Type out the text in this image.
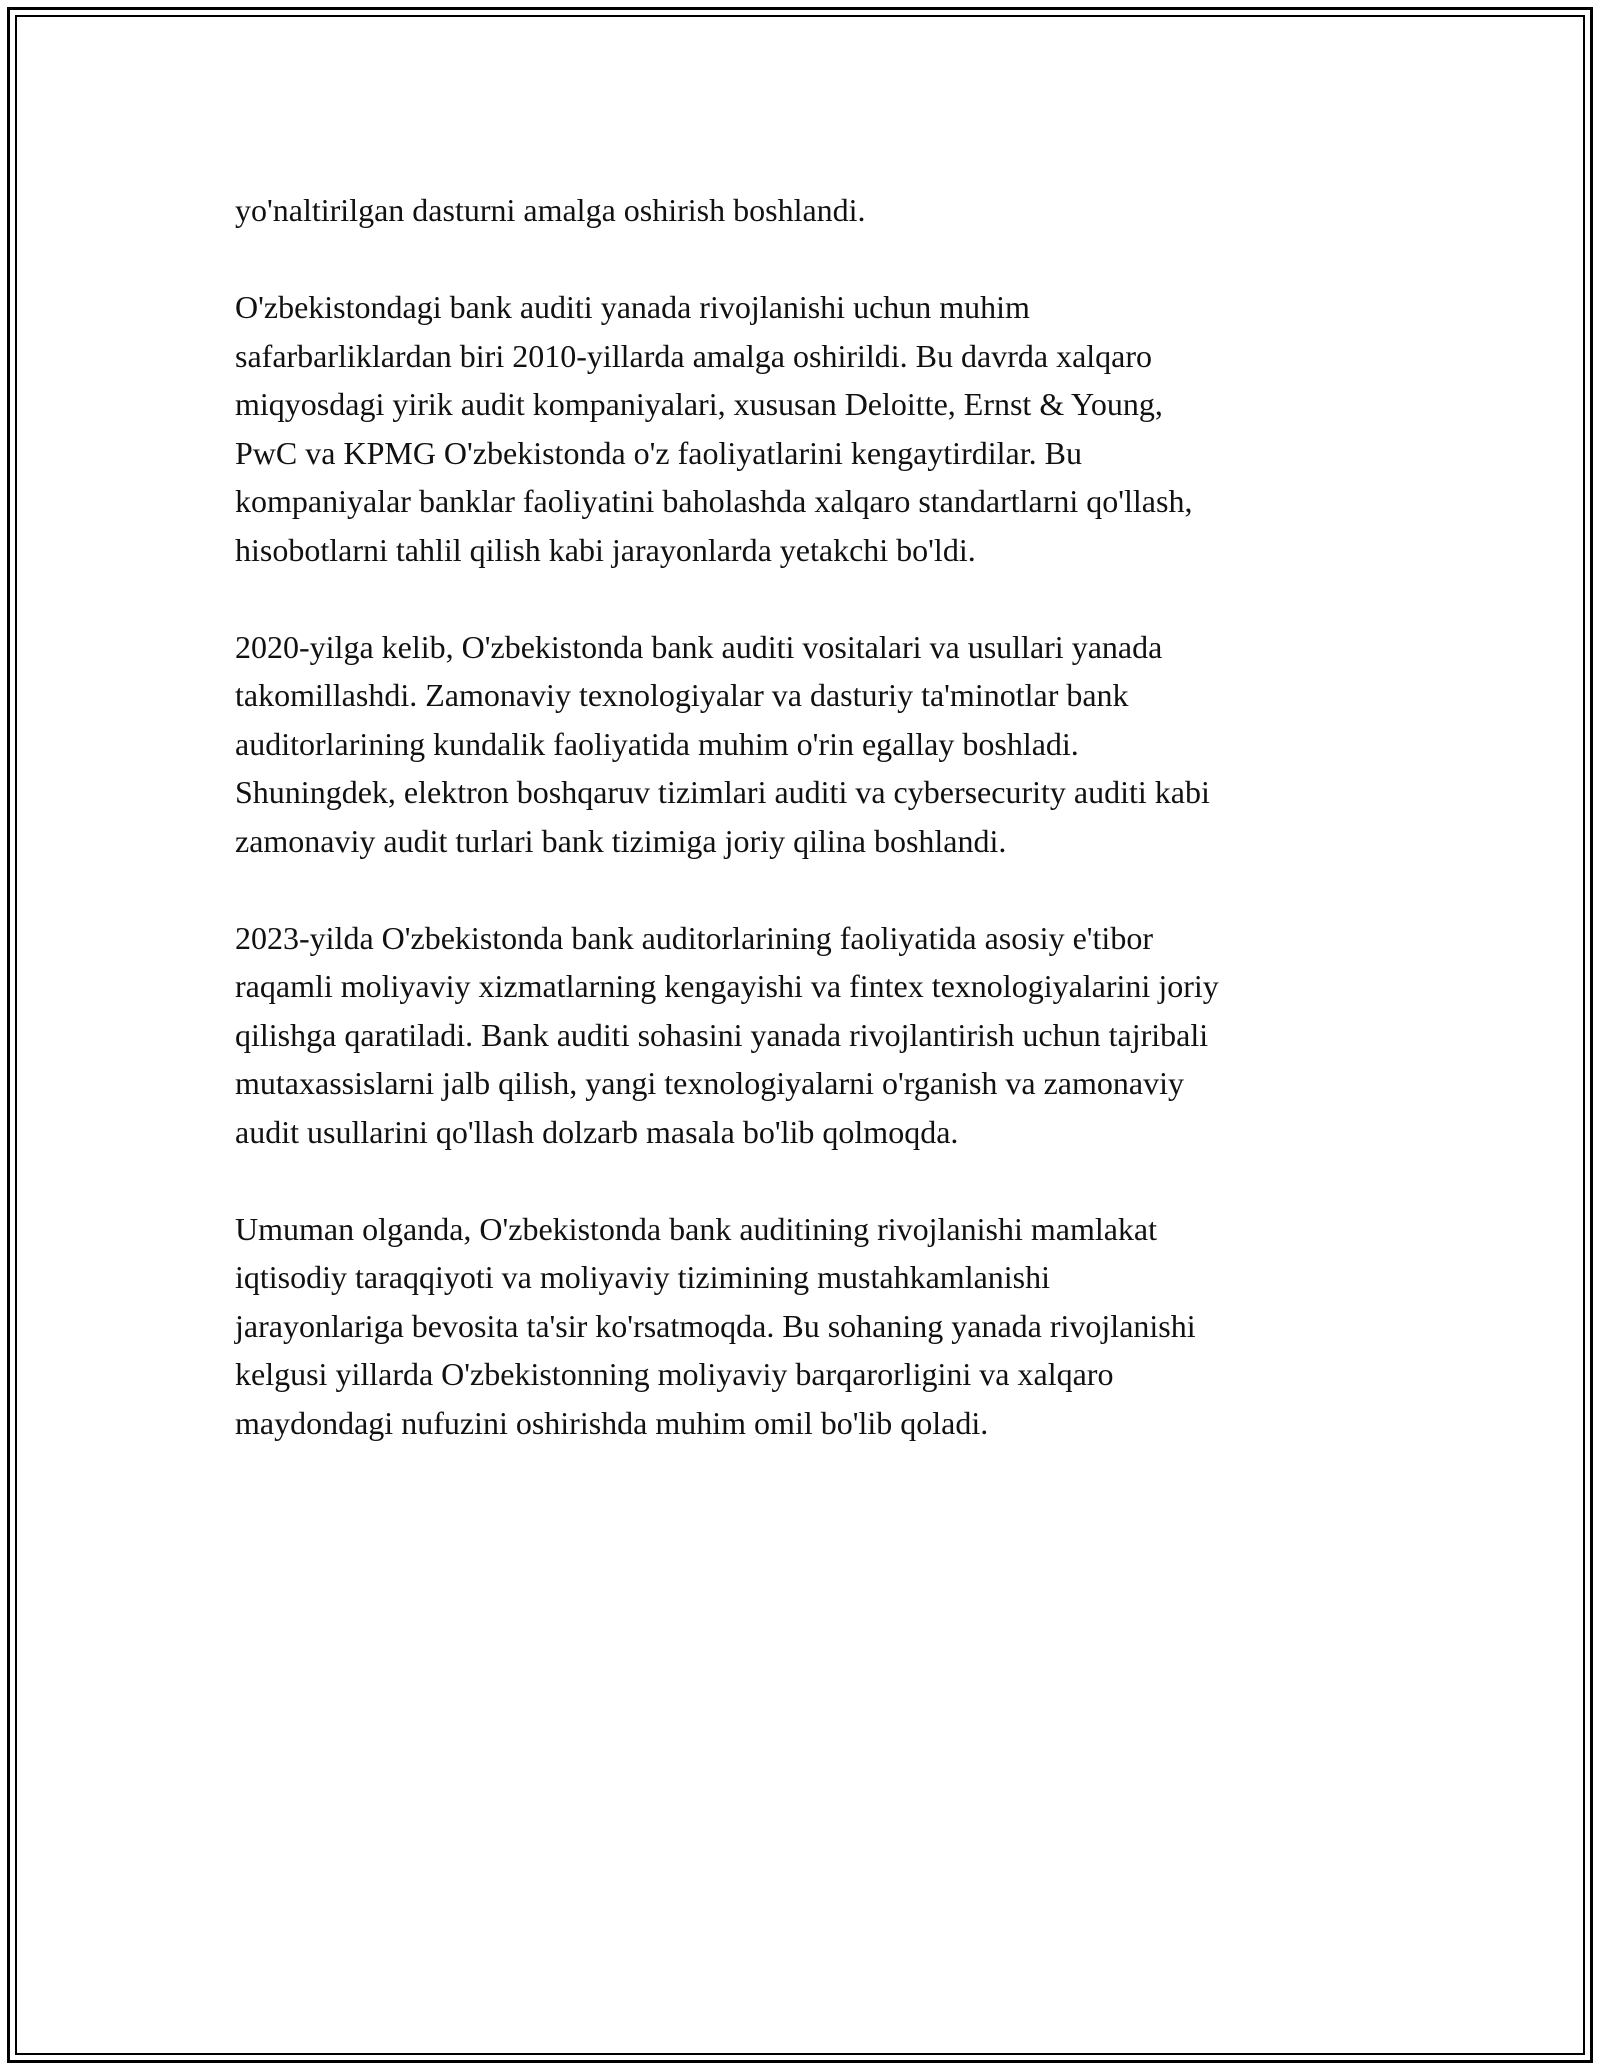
yo'naltirilgan dasturni amalga oshirish boshlandi.

O'zbekistondagi bank auditi yanada rivojlanishi uchun muhim
safarbarliklardan biri 2010-yillarda amalga oshirildi. Bu davrda xalqaro
miqyosdagi yirik audit kompaniyalari, xususan Deloitte, Ernst & Young,
PwC va KPMG O'zbekistonda o'z faoliyatlarini kengaytirdilar. Bu
kompaniyalar banklar faoliyatini baholashda xalqaro standartlarni qo'llash,
hisobotlarni tahlil qilish kabi jarayonlarda yetakchi bo'ldi.

2020-yilga kelib, O'zbekistonda bank auditi vositalari va usullari yanada
takomillashdi. Zamonaviy texnologiyalar va dasturiy ta'minotlar bank
auditorlarining kundalik faoliyatida muhim o'rin egallay boshladi.
Shuningdek, elektron boshqaruv tizimlari auditi va cybersecurity auditi kabi
zamonaviy audit turlari bank tizimiga joriy qilina boshlandi.

2023-yilda O'zbekistonda bank auditorlarining faoliyatida asosiy e'tibor
raqamli moliyaviy xizmatlarning kengayishi va fintex texnologiyalarini joriy
qilishga qaratiladi. Bank auditi sohasini yanada rivojlantirish uchun tajribali
mutaxassislarni jalb qilish, yangi texnologiyalarni o'rganish va zamonaviy
audit usullarini qo'llash dolzarb masala bo'lib qolmoqda.

Umuman olganda, O'zbekistonda bank auditining rivojlanishi mamlakat
iqtisodiy taraqqiyoti va moliyaviy tizimining mustahkamlanishi
jarayonlariga bevosita ta'sir ko'rsatmoqda. Bu sohaning yanada rivojlanishi
kelgusi yillarda O'zbekistonning moliyaviy barqarorligini va xalqaro
maydondagi nufuzini oshirishda muhim omil bo'lib qoladi.
